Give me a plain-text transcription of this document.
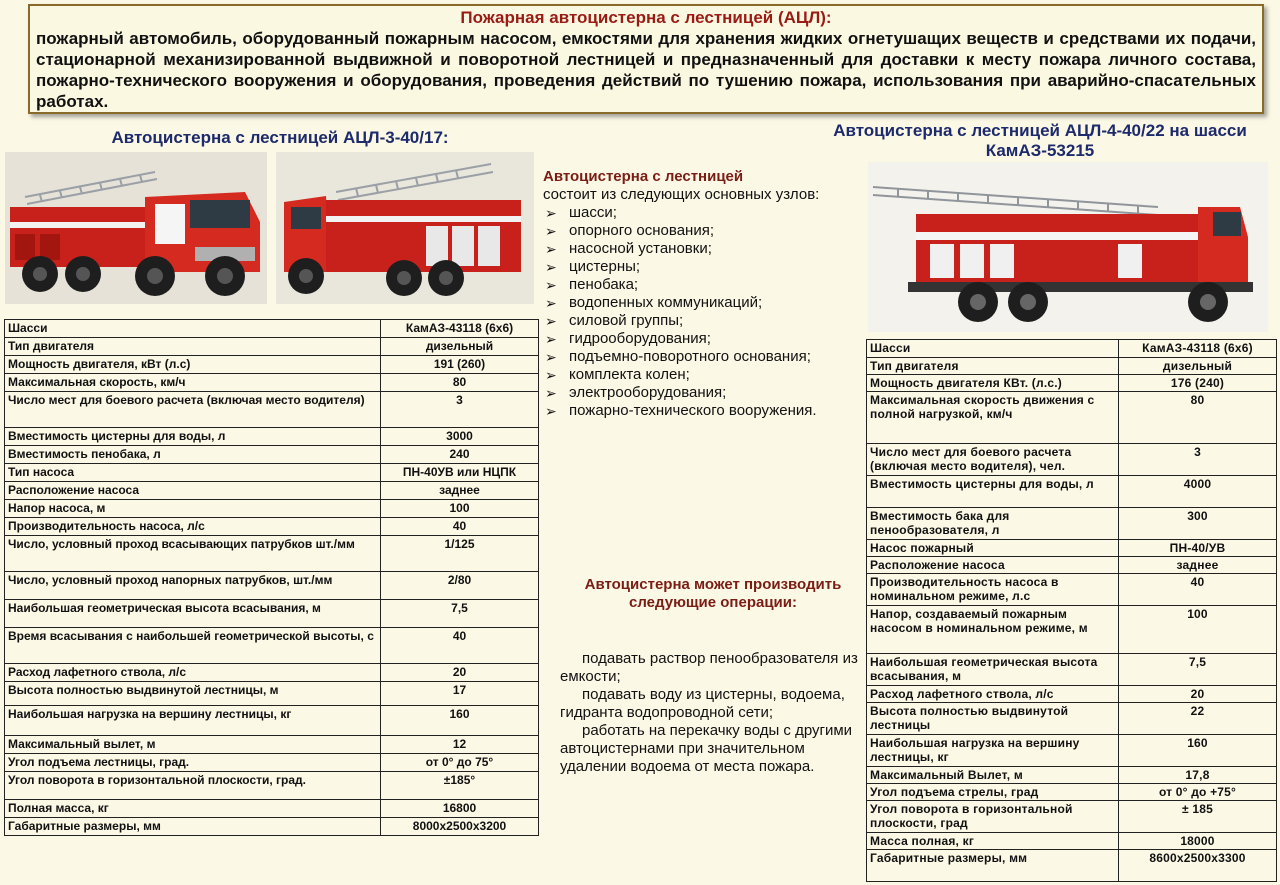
Пожарная автоцистерна с лестницей (АЦЛ):
пожарный автомобиль, оборудованный пожарным насосом, емкостями для хранения жидких огнетушащих веществ и средствами их подачи, стационарной механизированной выдвижной и поворотной лестницей и предназначенный для доставки к месту пожара личного состава, пожарно-технического вооружения и оборудования, проведения действий по тушению пожара, использования при аварийно-спасательных работах.
Автоцистерна с лестницей АЦЛ-3-40/17:
Шасси	КамАЗ-43118 (6х6)
Тип двигателя	дизельный
Мощность двигателя, кВт (л.с)	191 (260)
Максимальная скорость, км/ч	80
Число мест для боевого расчета (включая место водителя)	3
Вместимость цистерны для воды, л	3000
Вместимость пенобака, л	240
Тип насоса	ПН-40УВ или НЦПК
Расположение насоса	заднее
Напор насоса, м	100
Производительность насоса, л/с	40
Число, условный проход всасывающих патрубков шт./мм	1/125
Число, условный проход напорных патрубков, шт./мм	2/80
Наибольшая геометрическая высота всасывания, м	7,5
Время всасывания с наибольшей геометрической высоты, с	40
Расход лафетного ствола, л/с	20
Высота полностью выдвинутой лестницы, м	17
Наибольшая нагрузка на вершину лестницы, кг	160
Максимальный вылет, м	12
Угол подъема лестницы, град.	от 0° до 75°
Угол поворота в горизонтальной плоскости, град.	±185°
Полная масса, кг	16800
Габаритные размеры, мм	8000х2500х3200
Автоцистерна с лестницей
состоит из следующих основных узлов:
➢ шасси;
➢ опорного основания;
➢ насосной установки;
➢ цистерны;
➢ пенобака;
➢ водопенных коммуникаций;
➢ силовой группы;
➢ гидрооборудования;
➢ подъемно-поворотного основания;
➢ комплекта колен;
➢ электрооборудования;
➢ пожарно-технического вооружения.
Автоцистерна может производить следующие операции:

подавать раствор пенообразователя из емкости;

подавать воду из цистерны, водоема, гидранта водопроводной сети;

работать на перекачку воды с другими автоцистернами при значительном удалении водоема от места пожара.

Автоцистерна с лестницей АЦЛ-4-40/22 на шасси КамАЗ-53215
Шасси	КамАЗ-43118 (6х6)
Тип двигателя	дизельный
Мощность двигателя КВт. (л.с.)	176 (240)
Максимальная скорость движения с полной нагрузкой, км/ч	80
Число мест для боевого расчета (включая место водителя), чел.	3
Вместимость цистерны для воды, л	4000
Вместимость бака для пенообразователя, л	300
Насос пожарный	ПН-40/УВ
Расположение насоса	заднее
Производительность насоса в номинальном режиме, л.с	40
Напор, создаваемый пожарным насосом в номинальном режиме, м	100
Наибольшая геометрическая высота всасывания, м	7,5
Расход лафетного ствола, л/с	20
Высота полностью выдвинутой лестницы	22
Наибольшая нагрузка на вершину лестницы, кг	160
Максимальный Вылет, м	17,8
Угол подъема стрелы, град	от 0° до +75°
Угол поворота в горизонтальной плоскости, град	± 185
Масса полная, кг	18000
Габаритные размеры, мм	8600х2500х3300
